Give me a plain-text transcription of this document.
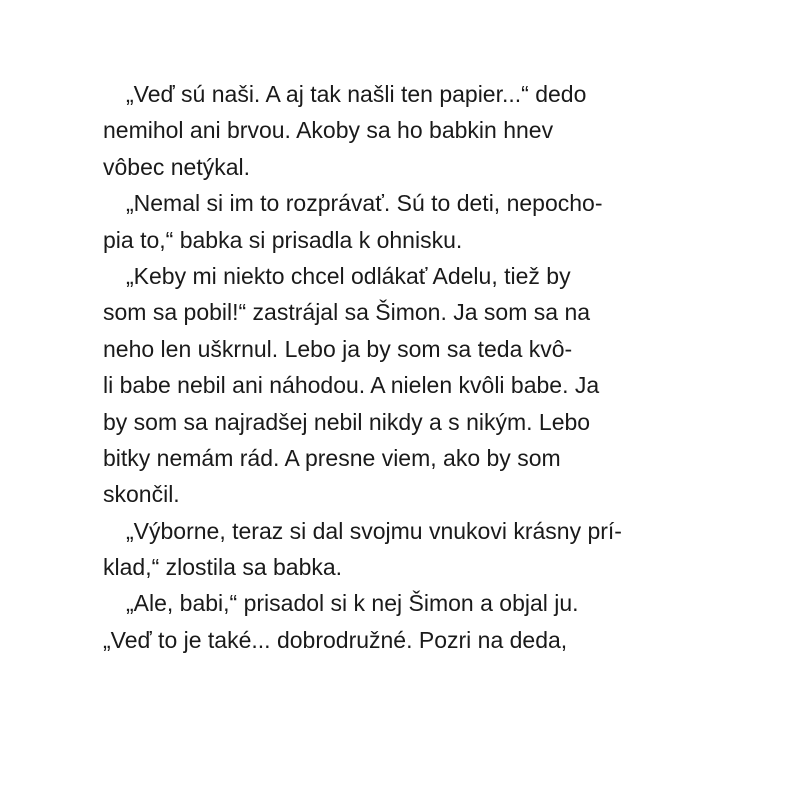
„Veď sú naši. A aj tak našli ten papier...“ dedo
nemihol ani brvou. Akoby sa ho babkin hnev
vôbec netýkal.
„Nemal si im to rozprávať. Sú to deti, nepocho-
pia to,“ babka si prisadla k ohnisku.
„Keby mi niekto chcel odlákať Adelu, tiež by
som sa pobil!“ zastrájal sa Šimon. Ja som sa na
neho len uškrnul. Lebo ja by som sa teda kvô-
li babe nebil ani náhodou. A nielen kvôli babe. Ja
by som sa najradšej nebil nikdy a s nikým. Lebo
bitky nemám rád. A presne viem, ako by som
skončil.
„Výborne, teraz si dal svojmu vnukovi krásny prí-
klad,“ zlostila sa babka.
„Ale, babi,“ prisadol si k nej Šimon a objal ju.
„Veď to je také... dobrodružné. Pozri na deda,
